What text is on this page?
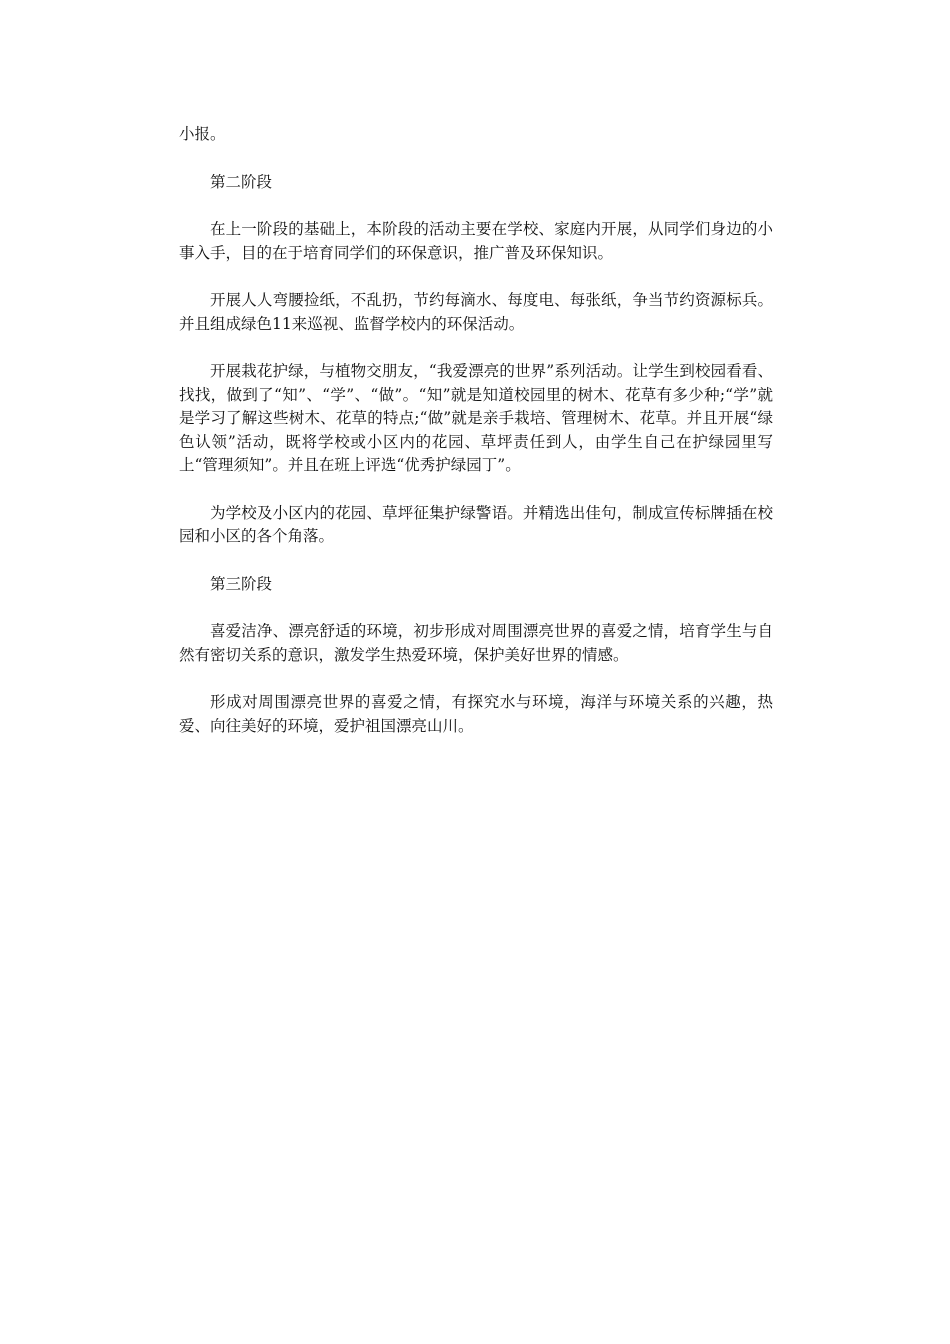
小报。

第二阶段

在上一阶段的基础上，本阶段的活动主要在学校、家庭内开展，从同学们身边的小事入手，目的在于培育同学们的环保意识，推广普及环保知识。

开展人人弯腰捡纸，不乱扔，节约每滴水、每度电、每张纸，争当节约资源标兵。并且组成绿色11来巡视、监督学校内的环保活动。

开展栽花护绿，与植物交朋友，“我爱漂亮的世界”系列活动。让学生到校园看看、找找，做到了“知”、“学”、“做”。“知”就是知道校园里的树木、花草有多少种;“学”就是学习了解这些树木、花草的特点;“做”就是亲手栽培、管理树木、花草。并且开展“绿色认领”活动，既将学校或小区内的花园、草坪责任到人，由学生自己在护绿园里写上“管理须知”。并且在班上评选“优秀护绿园丁”。

为学校及小区内的花园、草坪征集护绿警语。并精选出佳句，制成宣传标牌插在校园和小区的各个角落。

第三阶段

喜爱洁净、漂亮舒适的环境，初步形成对周围漂亮世界的喜爱之情，培育学生与自然有密切关系的意识，激发学生热爱环境，保护美好世界的情感。

形成对周围漂亮世界的喜爱之情，有探究水与环境，海洋与环境关系的兴趣，热爱、向往美好的环境，爱护祖国漂亮山川。
